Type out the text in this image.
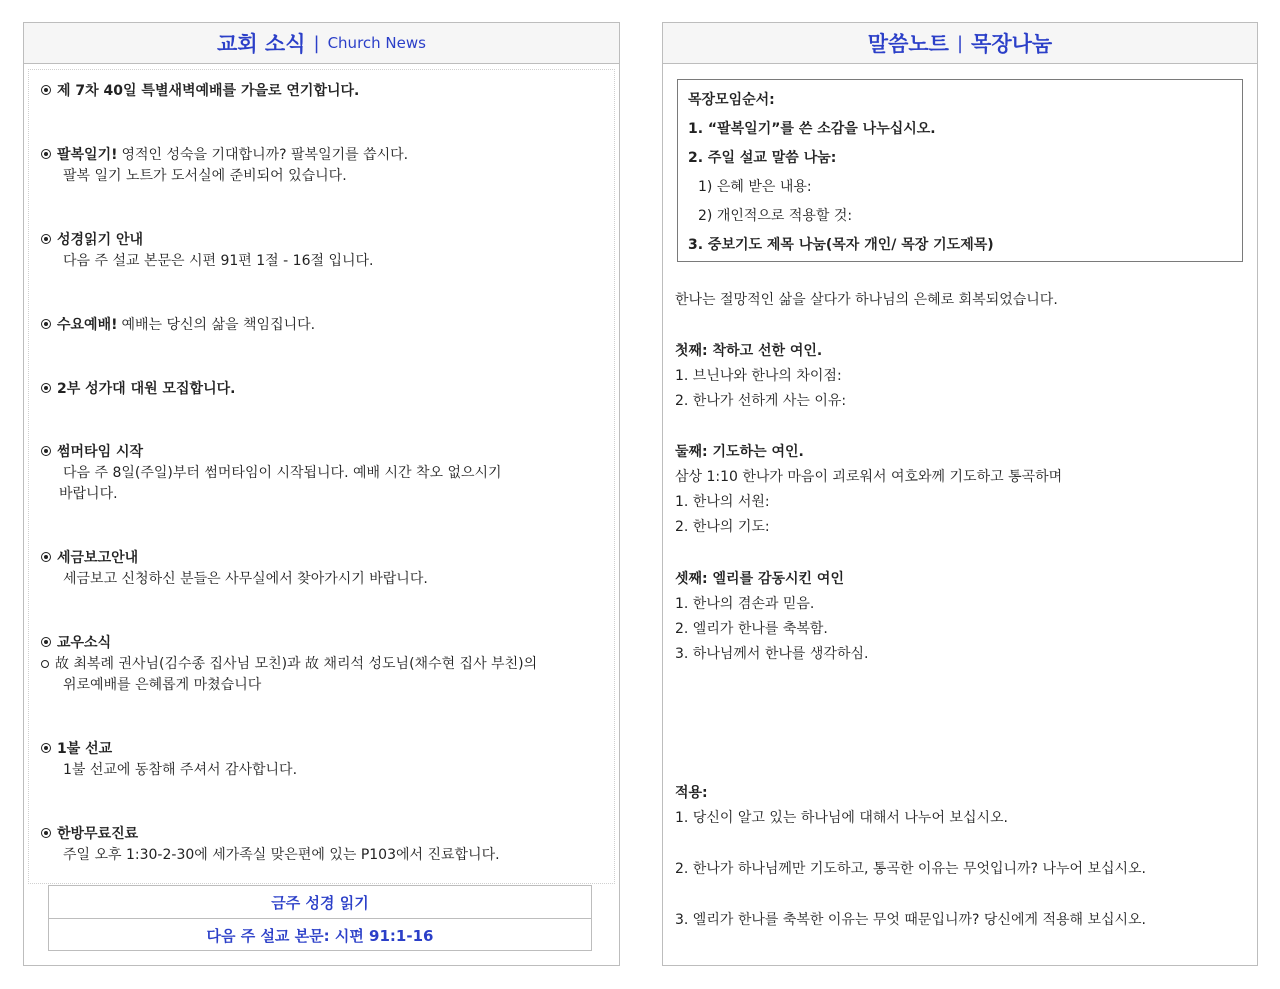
교회 소식 | Church News
제 7차 40일 특별새벽예배를 가을로 연기합니다.
팔복일기! 영적인 성숙을 기대합니까? 팔복일기를 씁시다.
팔복 일기 노트가 도서실에 준비되어 있습니다.
성경읽기 안내
다음 주 설교 본문은 시편 91편 1절 - 16절 입니다.
수요예배! 예배는 당신의 삶을 책임집니다.
2부 성가대 대원 모집합니다.
썸머타임 시작
다음 주 8일(주일)부터 썸머타임이 시작됩니다. 예배 시간 착오 없으시기
바랍니다.
세금보고안내
세금보고 신청하신 분들은 사무실에서 찾아가시기 바랍니다.
교우소식
故 최복례 권사님(김수종 집사님 모친)과 故 채리석 성도님(채수현 집사 부친)의
위로예배를 은혜롭게 마쳤습니다
1불 선교
1불 선교에 동참해 주셔서 감사합니다.
한방무료진료
주일 오후 1:30-2-30에 세가족실 맞은편에 있는 P103에서 진료합니다.
금주 성경 읽기
다음 주 설교 본문: 시편 91:1-16
말씀노트 | 목장나눔
목장모임순서:
1. “팔복일기”를 쓴 소감을 나누십시오.
2. 주일 설교 말씀 나눔:
1) 은혜 받은 내용:
2) 개인적으로 적용할 것:
3. 중보기도 제목 나눔(목자 개인/ 목장 기도제목)
한나는 절망적인 삶을 살다가 하나님의 은혜로 회복되었습니다.
첫째: 착하고 선한 여인.
1. 브닌나와 한나의 차이점:
2. 한나가 선하게 사는 이유:
둘째: 기도하는 여인.
삼상 1:10 한나가 마음이 괴로워서 여호와께 기도하고 통곡하며
1. 한나의 서원:
2. 한나의 기도:
셋째: 엘리를 감동시킨 여인
1. 한나의 겸손과 믿음.
2. 엘리가 한나를 축복함.
3. 하나님께서 한나를 생각하심.
적용:
1. 당신이 알고 있는 하나님에 대해서 나누어 보십시오.
2. 한나가 하나님께만 기도하고, 통곡한 이유는 무엇입니까? 나누어 보십시오.
3. 엘리가 한나를 축복한 이유는 무엇 때문입니까? 당신에게 적용해 보십시오.
